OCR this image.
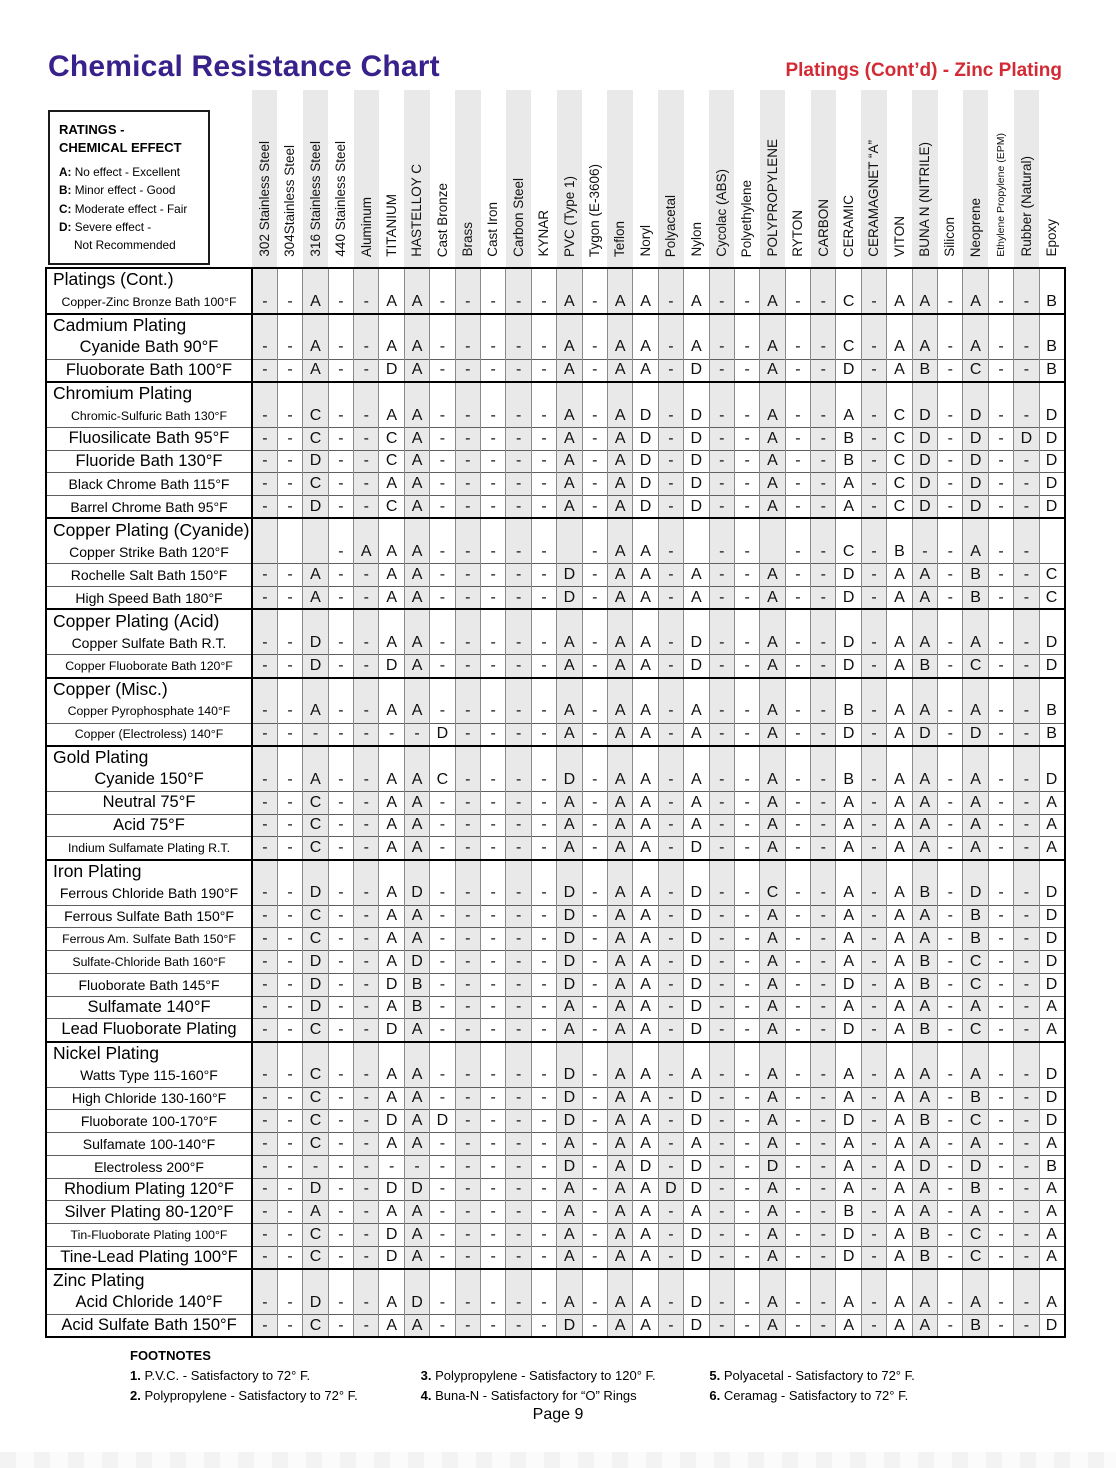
Chemical Resistance Chart	Platings (Cont’d) - Zinc Plating
RATINGS -
CHEMICAL EFFECT
A: No effect - Excellent
B: Minor effect - Good
C: Moderate effect - Fair
D: Severe effect -
Not Recommended	302 Stainless Steel	304Stainless Steel	316 Stainless Steel	440 Stainless Steel	Aluminum	TITANIUM	HASTELLOY C	Cast Bronze	Brass	Cast Iron	Carbon Steel	KYNAR	PVC (Type 1)	Tygon (E-3606)	Teflon	Noryl	Polyacetal	Nylon	Cycolac (ABS)	Polyethylene	POLYPROPYLENE	RYTON	CARBON	CERAMIC	CERAMAGNET “A”	VITON	BUNA N (NITRILE)	Silicon	Neoprene	Ethylene Propylene (EPM)	Rubber (Natural)	Epoxy
Platings (Cont.)																																
Copper-Zinc Bronze Bath 100°F	-	-	A	-	-	A	A	-	-	-	-	-	A	-	A	A	-	A	-	-	A	-	-	C	-	A	A	-	A	-	-	B
Cadmium Plating																																
Cyanide Bath 90°F	-	-	A	-	-	A	A	-	-	-	-	-	A	-	A	A	-	A	-	-	A	-	-	C	-	A	A	-	A	-	-	B
Fluoborate Bath 100°F	-	-	A	-	-	D	A	-	-	-	-	-	A	-	A	A	-	D	-	-	A	-	-	D	-	A	B	-	C	-	-	B
Chromium Plating																																
Chromic-Sulfuric Bath 130°F	-	-	C	-	-	A	A	-	-	-	-	-	A	-	A	D	-	D	-	-	A	-	-	A	-	C	D	-	D	-	-	D
Fluosilicate Bath 95°F	-	-	C	-	-	C	A	-	-	-	-	-	A	-	A	D	-	D	-	-	A	-	-	B	-	C	D	-	D	-	D	D
Fluoride Bath 130°F	-	-	D	-	-	C	A	-	-	-	-	-	A	-	A	D	-	D	-	-	A	-	-	B	-	C	D	-	D	-	-	D
Black Chrome Bath 115°F	-	-	C	-	-	A	A	-	-	-	-	-	A	-	A	D	-	D	-	-	A	-	-	A	-	C	D	-	D	-	-	D
Barrel Chrome Bath 95°F	-	-	D	-	-	C	A	-	-	-	-	-	A	-	A	D	-	D	-	-	A	-	-	A	-	C	D	-	D	-	-	D
Copper Plating (Cyanide)																																
Copper Strike Bath 120°F				-	A	A	A	-	-	-	-	-		-	A	A	-		-	-		-	-	C	-	B	-	-	A	-	-	
Rochelle Salt Bath 150°F	-	-	A	-	-	A	A	-	-	-	-	-	D	-	A	A	-	A	-	-	A	-	-	D	-	A	A	-	B	-	-	C
High Speed Bath 180°F	-	-	A	-	-	A	A	-	-	-	-	-	D	-	A	A	-	A	-	-	A	-	-	D	-	A	A	-	B	-	-	C
Copper Plating (Acid)																																
Copper Sulfate Bath R.T.	-	-	D	-	-	A	A	-	-	-	-	-	A	-	A	A	-	D	-	-	A	-	-	D	-	A	A	-	A	-	-	D
Copper Fluoborate Bath 120°F	-	-	D	-	-	D	A	-	-	-	-	-	A	-	A	A	-	D	-	-	A	-	-	D	-	A	B	-	C	-	-	D
Copper (Misc.)																																
Copper Pyrophosphate 140°F	-	-	A	-	-	A	A	-	-	-	-	-	A	-	A	A	-	A	-	-	A	-	-	B	-	A	A	-	A	-	-	B
Copper (Electroless) 140°F	-	-	-	-	-	-	-	D	-	-	-	-	A	-	A	A	-	A	-	-	A	-	-	D	-	A	D	-	D	-	-	B
Gold Plating																																
Cyanide 150°F	-	-	A	-	-	A	A	C	-	-	-	-	D	-	A	A	-	A	-	-	A	-	-	B	-	A	A	-	A	-	-	D
Neutral 75°F	-	-	C	-	-	A	A	-	-	-	-	-	A	-	A	A	-	A	-	-	A	-	-	A	-	A	A	-	A	-	-	A
Acid 75°F	-	-	C	-	-	A	A	-	-	-	-	-	A	-	A	A	-	A	-	-	A	-	-	A	-	A	A	-	A	-	-	A
Indium Sulfamate Plating R.T.	-	-	C	-	-	A	A	-	-	-	-	-	A	-	A	A	-	D	-	-	A	-	-	A	-	A	A	-	A	-	-	A
Iron Plating																																
Ferrous Chloride Bath 190°F	-	-	D	-	-	A	D	-	-	-	-	-	D	-	A	A	-	D	-	-	C	-	-	A	-	A	B	-	D	-	-	D
Ferrous Sulfate Bath 150°F	-	-	C	-	-	A	A	-	-	-	-	-	D	-	A	A	-	D	-	-	A	-	-	A	-	A	A	-	B	-	-	D
Ferrous Am. Sulfate Bath 150°F	-	-	C	-	-	A	A	-	-	-	-	-	D	-	A	A	-	D	-	-	A	-	-	A	-	A	A	-	B	-	-	D
Sulfate-Chloride Bath 160°F	-	-	D	-	-	A	D	-	-	-	-	-	D	-	A	A	-	D	-	-	A	-	-	A	-	A	B	-	C	-	-	D
Fluoborate Bath 145°F	-	-	D	-	-	D	B	-	-	-	-	-	D	-	A	A	-	D	-	-	A	-	-	D	-	A	B	-	C	-	-	D
Sulfamate 140°F	-	-	D	-	-	A	B	-	-	-	-	-	A	-	A	A	-	D	-	-	A	-	-	A	-	A	A	-	A	-	-	A
Lead Fluoborate Plating	-	-	C	-	-	D	A	-	-	-	-	-	A	-	A	A	-	D	-	-	A	-	-	D	-	A	B	-	C	-	-	A
Nickel Plating																																
Watts Type 115-160°F	-	-	C	-	-	A	A	-	-	-	-	-	D	-	A	A	-	A	-	-	A	-	-	A	-	A	A	-	A	-	-	D
High Chloride 130-160°F	-	-	C	-	-	A	A	-	-	-	-	-	D	-	A	A	-	D	-	-	A	-	-	A	-	A	A	-	B	-	-	D
Fluoborate 100-170°F	-	-	C	-	-	D	A	D	-	-	-	-	D	-	A	A	-	D	-	-	A	-	-	D	-	A	B	-	C	-	-	D
Sulfamate 100-140°F	-	-	C	-	-	A	A	-	-	-	-	-	A	-	A	A	-	A	-	-	A	-	-	A	-	A	A	-	A	-	-	A
Electroless 200°F	-	-	-	-	-	-	-	-	-	-	-	-	D	-	A	D	-	D	-	-	D	-	-	A	-	A	D	-	D	-	-	B
Rhodium Plating 120°F	-	-	D	-	-	D	D	-	-	-	-	-	A	-	A	A	D	D	-	-	A	-	-	A	-	A	A	-	B	-	-	A
Silver Plating 80-120°F	-	-	A	-	-	A	A	-	-	-	-	-	A	-	A	A	-	A	-	-	A	-	-	B	-	A	A	-	A	-	-	A
Tin-Fluoborate Plating 100°F	-	-	C	-	-	D	A	-	-	-	-	-	A	-	A	A	-	D	-	-	A	-	-	D	-	A	B	-	C	-	-	A
Tine-Lead Plating 100°F	-	-	C	-	-	D	A	-	-	-	-	-	A	-	A	A	-	D	-	-	A	-	-	D	-	A	B	-	C	-	-	A
Zinc Plating																																
Acid Chloride 140°F	-	-	D	-	-	A	D	-	-	-	-	-	A	-	A	A	-	D	-	-	A	-	-	A	-	A	A	-	A	-	-	A
Acid Sulfate Bath 150°F	-	-	C	-	-	A	A	-	-	-	-	-	D	-	A	A	-	D	-	-	A	-	-	A	-	A	A	-	B	-	-	D
FOOTNOTES
1. P.V.C. - Satisfactory to 72° F.
2. Polypropylene - Satisfactory to 72° F.
3. Polypropylene - Satisfactory to 120° F.
4. Buna-N - Satisfactory for “O” Rings
5. Polyacetal - Satisfactory to 72° F.
6. Ceramag - Satisfactory to 72° F.
Page 9
